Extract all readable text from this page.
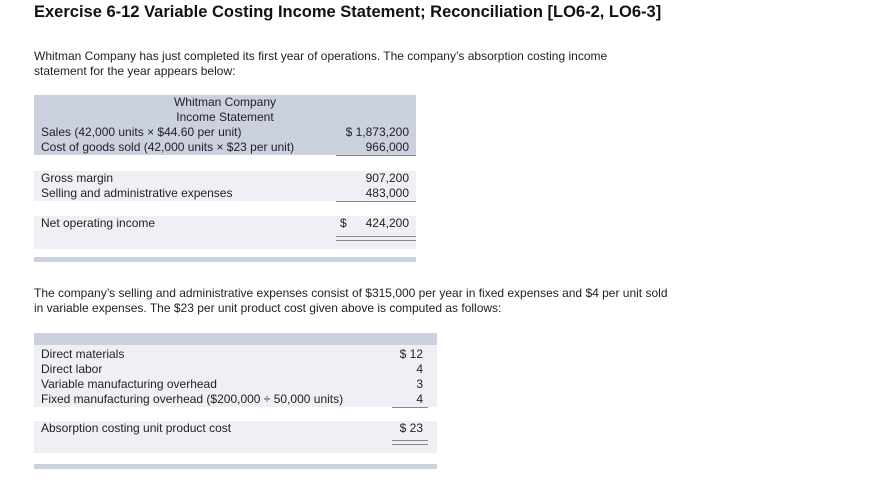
Exercise 6-12 Variable Costing Income Statement; Reconciliation [LO6-2, LO6-3]
Whitman Company has just completed its first year of operations. The company’s absorption costing income statement for the year appears below:
Whitman Company
Income Statement
Sales (42,000 units × $44.60 per unit)	$ 1,873,200
Cost of goods sold (42,000 units × $23 per unit)	966,000
Gross margin	907,200
Selling and administrative expenses	483,000
Net operating income	$ 424,200
The company’s selling and administrative expenses consist of $315,000 per year in fixed expenses and $4 per unit sold in variable expenses. The $23 per unit product cost given above is computed as follows:
Direct materials	$ 12
Direct labor	4
Variable manufacturing overhead	3
Fixed manufacturing overhead ($200,000 ÷ 50,000 units)	4
Absorption costing unit product cost	$ 23
